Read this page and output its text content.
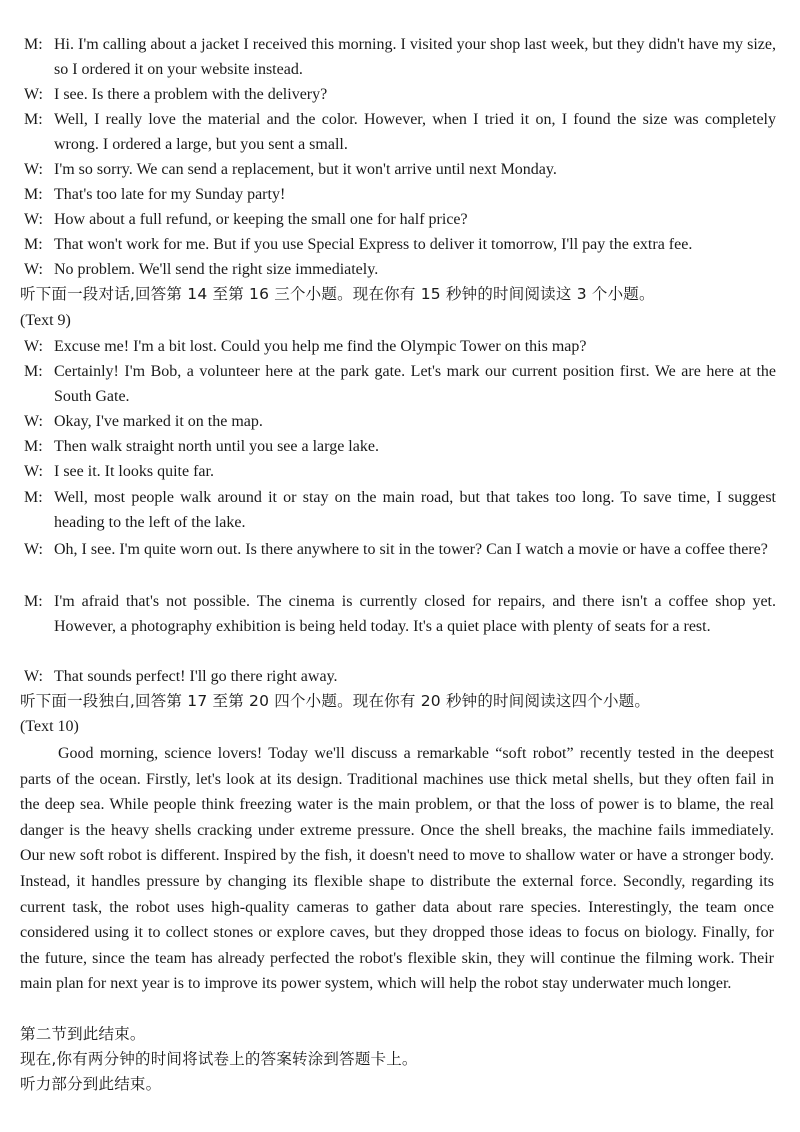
M: Hi. I'm calling about a jacket I received this morning. I visited your shop last week, but they didn't have my size, so I ordered it on your website instead.
W: I see. Is there a problem with the delivery?
M: Well, I really love the material and the color. However, when I tried it on, I found the size was completely wrong. I ordered a large, but you sent a small.
W: I'm so sorry. We can send a replacement, but it won't arrive until next Monday.
M: That's too late for my Sunday party!
W: How about a full refund, or keeping the small one for half price?
M: That won't work for me. But if you use Special Express to deliver it tomorrow, I'll pay the extra fee.
W: No problem. We'll send the right size immediately.
听下面一段对话,回答第 14 至第 16 三个小题。现在你有 15 秒钟的时间阅读这 3 个小题。
(Text 9)
W: Excuse me! I'm a bit lost. Could you help me find the Olympic Tower on this map?
M: Certainly! I'm Bob, a volunteer here at the park gate. Let's mark our current position first. We are here at the South Gate.
W: Okay, I've marked it on the map.
M: Then walk straight north until you see a large lake.
W: I see it. It looks quite far.
M: Well, most people walk around it or stay on the main road, but that takes too long. To save time, I suggest heading to the left of the lake.
W: Oh, I see. I'm quite worn out. Is there anywhere to sit in the tower? Can I watch a movie or have a coffee there?
M: I'm afraid that's not possible. The cinema is currently closed for repairs, and there isn't a coffee shop yet. However, a photography exhibition is being held today. It's a quiet place with plenty of seats for a rest.
W: That sounds perfect! I'll go there right away.
听下面一段独白,回答第 17 至第 20 四个小题。现在你有 20 秒钟的时间阅读这四个小题。
(Text 10)
Good morning, science lovers! Today we'll discuss a remarkable “soft robot” recently tested in the deepest parts of the ocean. Firstly, let's look at its design. Traditional machines use thick metal shells, but they often fail in the deep sea. While people think freezing water is the main problem, or that the loss of power is to blame, the real danger is the heavy shells cracking under extreme pressure. Once the shell breaks, the machine fails immediately. Our new soft robot is different. Inspired by the fish, it doesn't need to move to shallow water or have a stronger body. Instead, it handles pressure by changing its flexible shape to distribute the external force. Secondly, regarding its current task, the robot uses high-quality cameras to gather data about rare species. Interestingly, the team once considered using it to collect stones or explore caves, but they dropped those ideas to focus on biology. Finally, for the future, since the team has already perfected the robot's flexible skin, they will continue the filming work. Their main plan for next year is to improve its power system, which will help the robot stay underwater much longer.
第二节到此结束。
现在,你有两分钟的时间将试卷上的答案转涂到答题卡上。
听力部分到此结束。
